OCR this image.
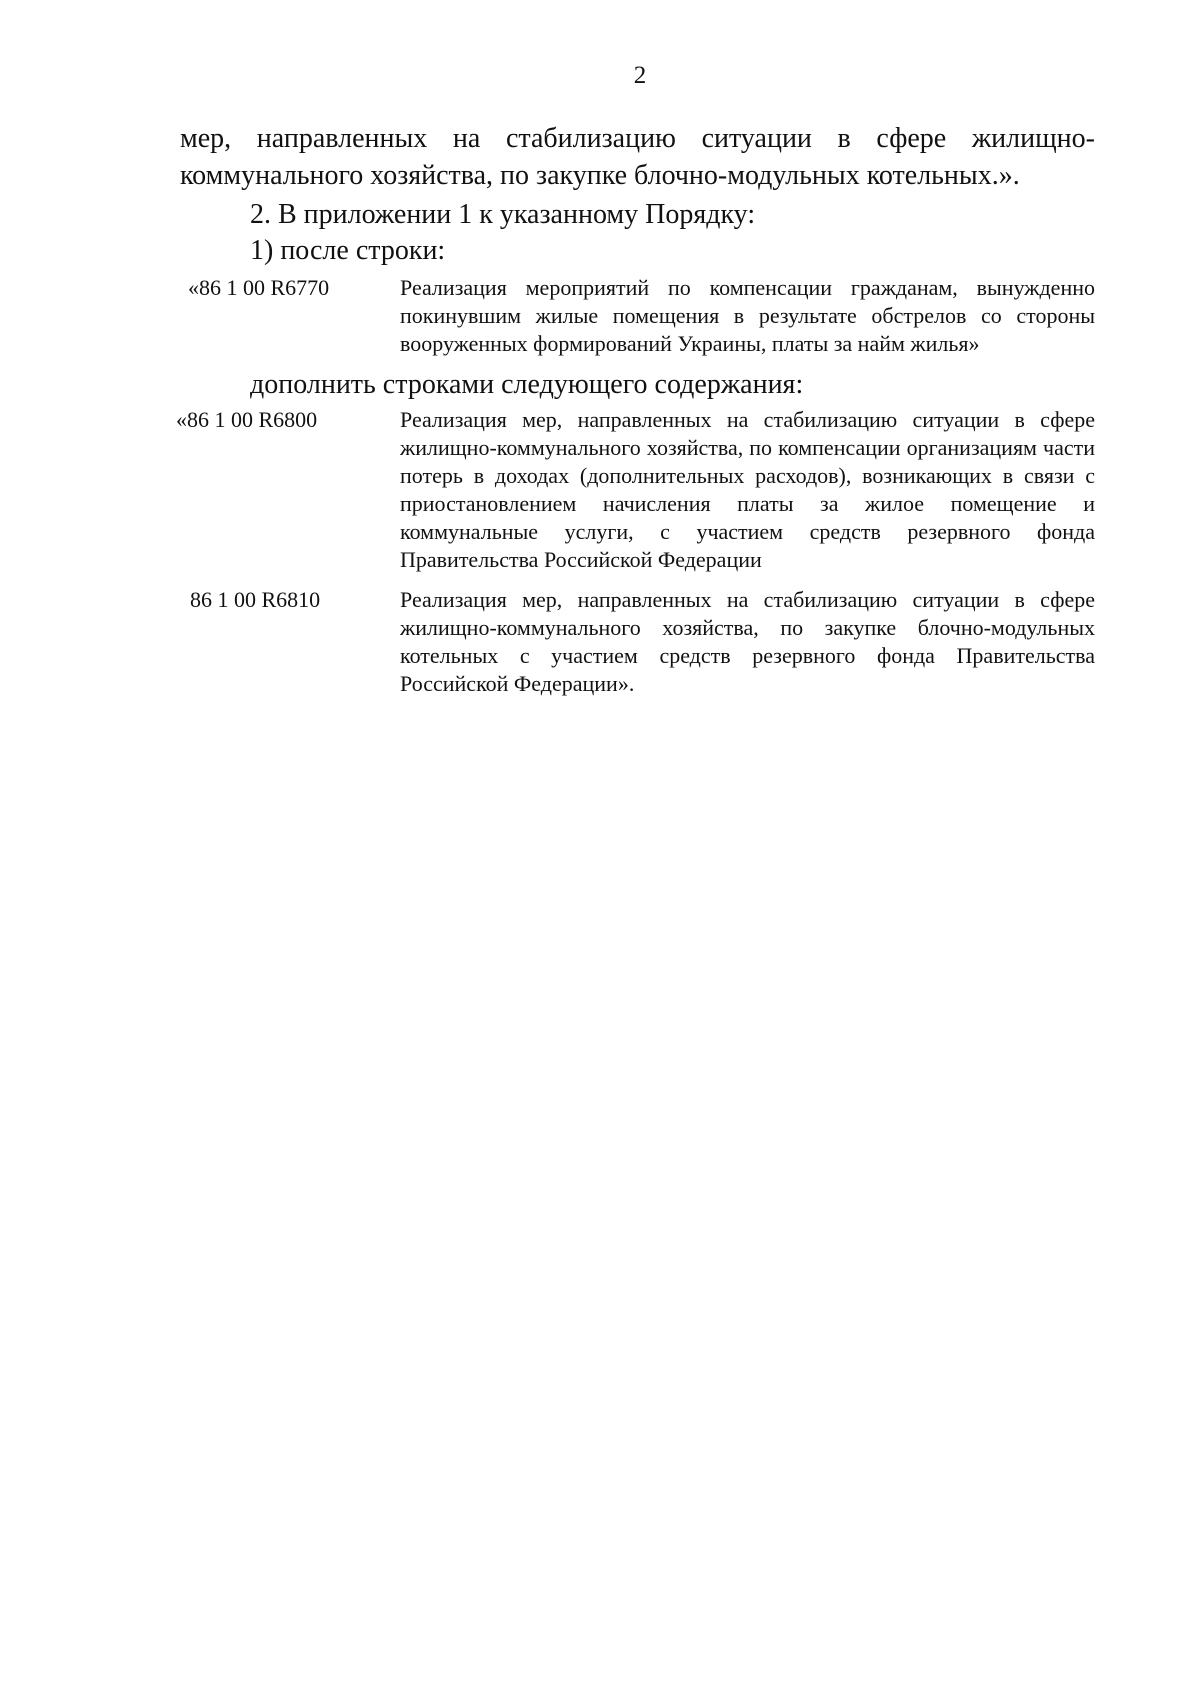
2
мер, направленных на стабилизацию ситуации в сфере жилищно-
коммунального хозяйства, по закупке блочно-модульных котельных.».
2. В приложении 1 к указанному Порядку:
1) после строки:
«86 1 00 R6770	Реализация мероприятий по компенсации гражданам, вынужденно покинувшим жилые помещения в результате обстрелов со стороны вооруженных формирований Украины, платы за найм жилья»
дополнить строками следующего содержания:
«86 1 00 R6800	Реализация мер, направленных на стабилизацию ситуации в сфере жилищно-коммунального хозяйства, по компенсации организациям части потерь в доходах (дополнительных расходов), возникающих в связи с приостановлением начисления платы за жилое помещение и коммунальные услуги, с участием средств резервного фонда Правительства Российской Федерации
86 1 00 R6810	Реализация мер, направленных на стабилизацию ситуации в сфере жилищно-коммунального хозяйства, по закупке блочно-модульных котельных с участием средств резервного фонда Правительства Российской Федерации».
